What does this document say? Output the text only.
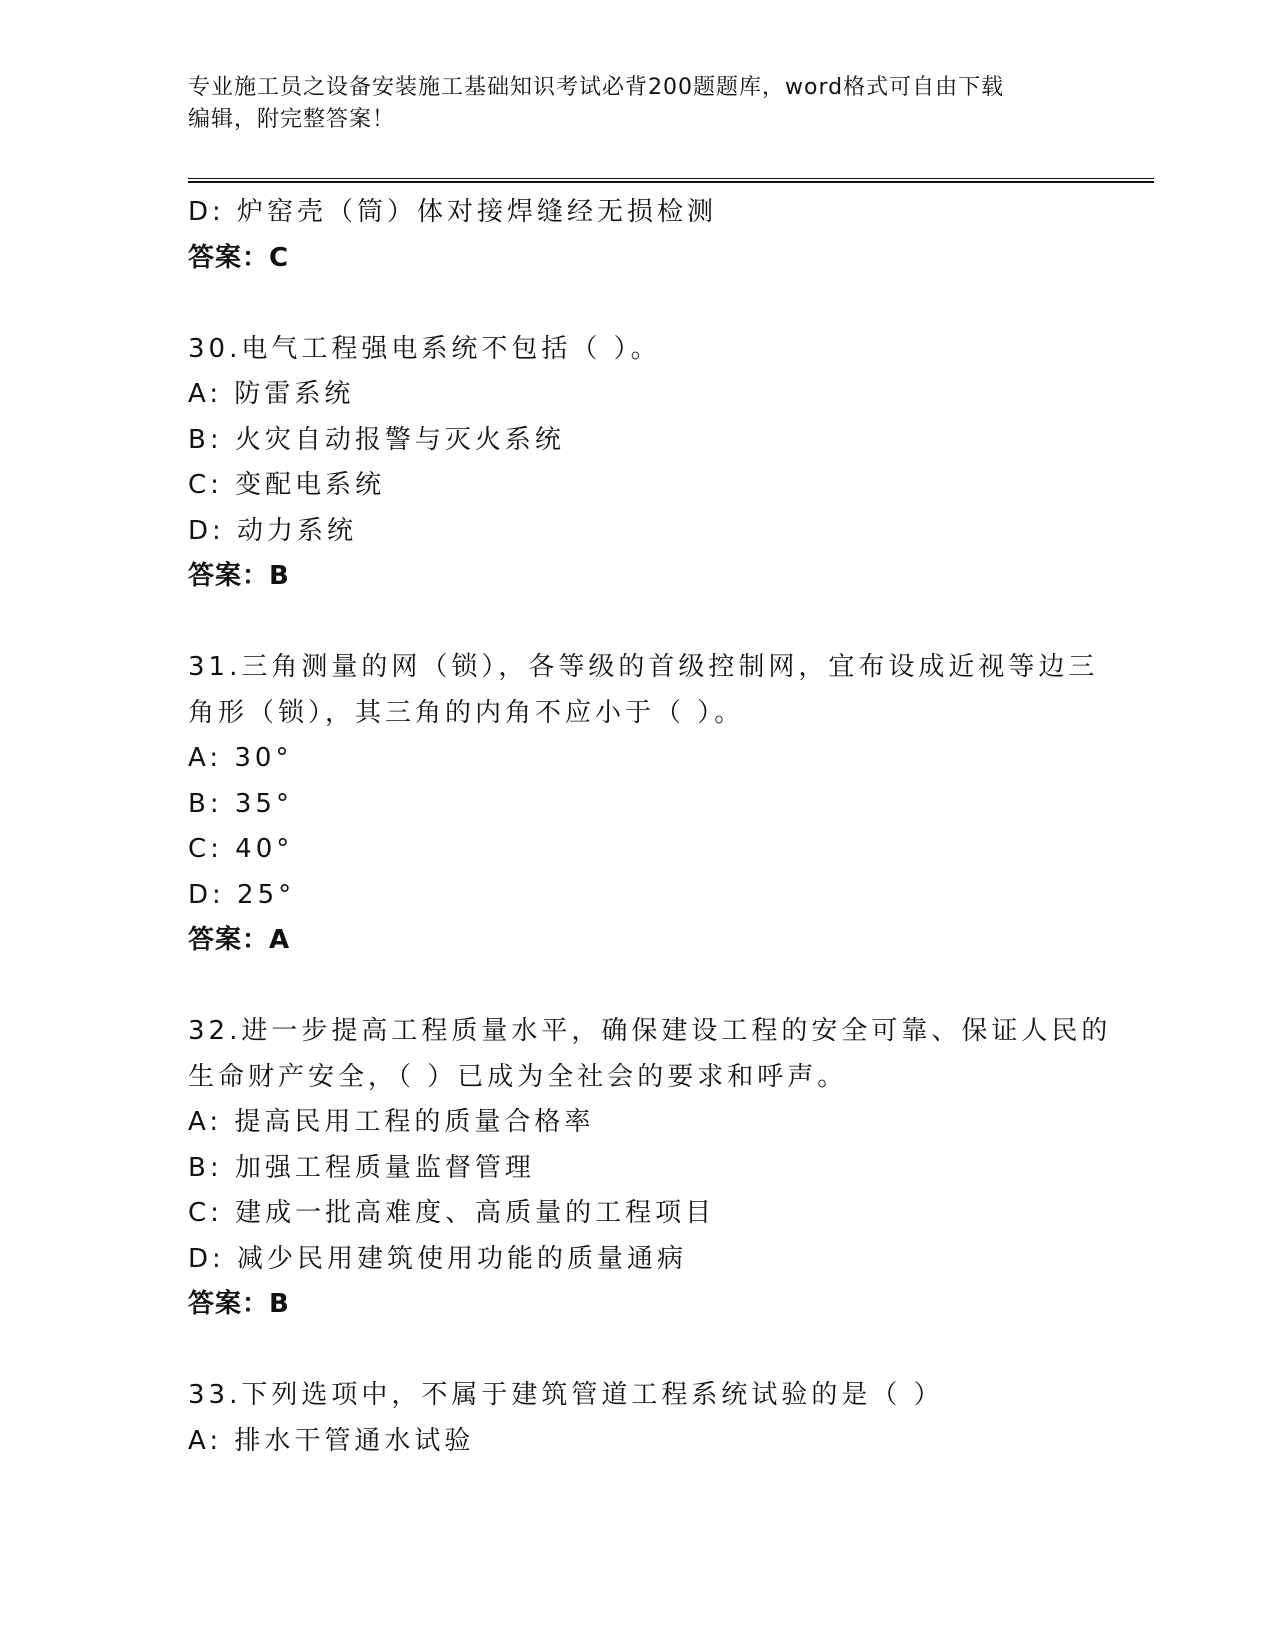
专业施工员之设备安装施工基础知识考试必背200题题库，word格式可自由下载
编辑，附完整答案！
D: 炉窑壳（筒）体对接焊缝经无损检测
答案：C
30.电气工程强电系统不包括（ ）。
A: 防雷系统
B: 火灾自动报警与灭火系统
C: 变配电系统
D: 动力系统
答案：B
31.三角测量的网（锁），各等级的首级控制网，宜布设成近视等边三
角形（锁），其三角的内角不应小于（ ）。
A: 30°
B: 35°
C: 40°
D: 25°
答案：A
32.进一步提高工程质量水平，确保建设工程的安全可靠、保证人民的
生命财产安全，（ ）已成为全社会的要求和呼声。
A: 提高民用工程的质量合格率
B: 加强工程质量监督管理
C: 建成一批高难度、高质量的工程项目
D: 减少民用建筑使用功能的质量通病
答案：B
33.下列选项中，不属于建筑管道工程系统试验的是（ ）
A: 排水干管通水试验
